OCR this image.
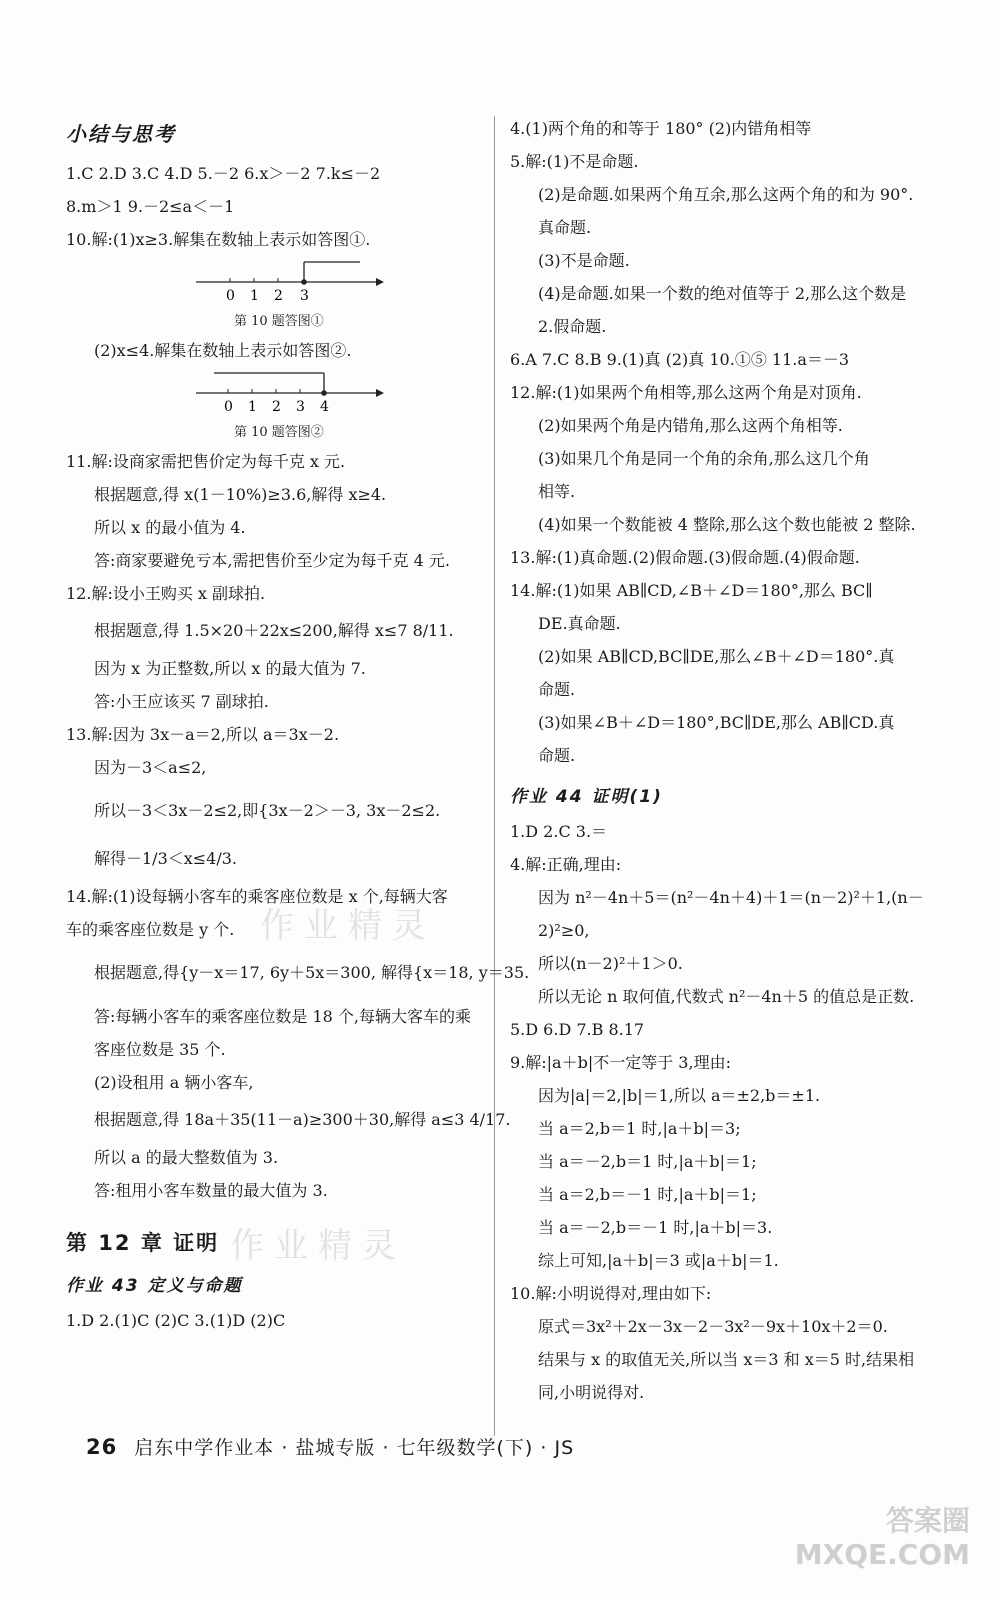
小结与思考
1.C 2.D 3.C 4.D 5.－2 6.x＞－2 7.k≤－2
8.m＞1 9.－2≤a＜－1
10.解:(1)x≥3.解集在数轴上表示如答图①.
0 1 2 3
第 10 题答图①
(2)x≤4.解集在数轴上表示如答图②.
0 1 2 3 4
第 10 题答图②
11.解:设商家需把售价定为每千克 x 元.
根据题意,得 x(1－10%)≥3.6,解得 x≥4.
所以 x 的最小值为 4.
答:商家要避免亏本,需把售价至少定为每千克 4 元.
12.解:设小王购买 x 副球拍.
根据题意,得 1.5×20＋22x≤200,解得 x≤7 8/11.
因为 x 为正整数,所以 x 的最大值为 7.
答:小王应该买 7 副球拍.
13.解:因为 3x－a＝2,所以 a＝3x－2.
因为－3＜a≤2,
所以－3＜3x－2≤2,即{3x－2＞－3, 3x－2≤2.
解得－1/3＜x≤4/3.
14.解:(1)设每辆小客车的乘客座位数是 x 个,每辆大客
车的乘客座位数是 y 个.
根据题意,得{y－x＝17, 6y＋5x＝300, 解得{x＝18, y＝35.
答:每辆小客车的乘客座位数是 18 个,每辆大客车的乘
客座位数是 35 个.
(2)设租用 a 辆小客车,
根据题意,得 18a＋35(11－a)≥300＋30,解得 a≤3 4/17.
所以 a 的最大整数值为 3.
答:租用小客车数量的最大值为 3.
第 12 章 证明
作业 43 定义与命题
1.D 2.(1)C (2)C 3.(1)D (2)C
4.(1)两个角的和等于 180° (2)内错角相等
5.解:(1)不是命题.
(2)是命题.如果两个角互余,那么这两个角的和为 90°.
真命题.
(3)不是命题.
(4)是命题.如果一个数的绝对值等于 2,那么这个数是
2.假命题.
6.A 7.C 8.B 9.(1)真 (2)真 10.①⑤ 11.a＝－3
12.解:(1)如果两个角相等,那么这两个角是对顶角.
(2)如果两个角是内错角,那么这两个角相等.
(3)如果几个角是同一个角的余角,那么这几个角
相等.
(4)如果一个数能被 4 整除,那么这个数也能被 2 整除.
13.解:(1)真命题.(2)假命题.(3)假命题.(4)假命题.
14.解:(1)如果 AB∥CD,∠B＋∠D＝180°,那么 BC∥
DE.真命题.
(2)如果 AB∥CD,BC∥DE,那么∠B＋∠D＝180°.真
命题.
(3)如果∠B＋∠D＝180°,BC∥DE,那么 AB∥CD.真
命题.
作业 44 证明(1)
1.D 2.C 3.＝
4.解:正确,理由:
因为 n²－4n＋5＝(n²－4n＋4)＋1＝(n－2)²＋1,(n－
2)²≥0,
所以(n－2)²＋1＞0.
所以无论 n 取何值,代数式 n²－4n＋5 的值总是正数.
5.D 6.D 7.B 8.17
9.解:|a＋b|不一定等于 3,理由:
因为|a|＝2,|b|＝1,所以 a＝±2,b＝±1.
当 a＝2,b＝1 时,|a＋b|＝3;
当 a＝－2,b＝1 时,|a＋b|＝1;
当 a＝2,b＝－1 时,|a＋b|＝1;
当 a＝－2,b＝－1 时,|a＋b|＝3.
综上可知,|a＋b|＝3 或|a＋b|＝1.
10.解:小明说得对,理由如下:
原式＝3x²＋2x－3x－2－3x²－9x＋10x＋2＝0.
结果与 x 的取值无关,所以当 x＝3 和 x＝5 时,结果相
同,小明说得对.
作业精灵
作业精灵
答案圈
MXQE.COM
26 启东中学作业本 · 盐城专版 · 七年级数学(下) · JS
